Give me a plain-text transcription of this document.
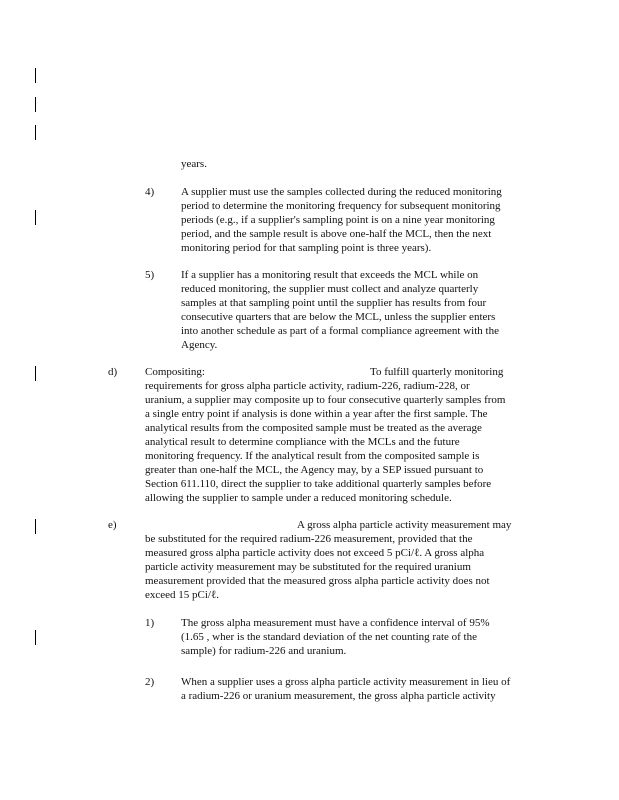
years.
4) A supplier must use the samples collected during the reduced monitoring
period to determine the monitoring frequency for subsequent monitoring
periods (e.g., if a supplier's sampling point is on a nine year monitoring
period, and the sample result is above one-half the MCL, then the next
monitoring period for that sampling point is three years).
5) If a supplier has a monitoring result that exceeds the MCL while on
reduced monitoring, the supplier must collect and analyze quarterly
samples at that sampling point until the supplier has results from four
consecutive quarters that are below the MCL, unless the supplier enters
into another schedule as part of a formal compliance agreement with the
Agency.
d)	Compositing:	To fulfill quarterly monitoring
requirements for gross alpha particle activity, radium-226, radium-228, or
uranium, a supplier may composite up to four consecutive quarterly samples from
a single entry point if analysis is done within a year after the first sample. The
analytical results from the composited sample must be treated as the average
analytical result to determine compliance with the MCLs and the future
monitoring frequency. If the analytical result from the composited sample is
greater than one-half the MCL, the Agency may, by a SEP issued pursuant to
Section 611.110, direct the supplier to take additional quarterly samples before
allowing the supplier to sample under a reduced monitoring schedule.
e)	A gross alpha particle activity measurement may
be substituted for the required radium-226 measurement, provided that the
measured gross alpha particle activity does not exceed 5 pCi/ℓ. A gross alpha
particle activity measurement may be substituted for the required uranium
measurement provided that the measured gross alpha particle activity does not
exceed 15 pCi/ℓ.
1) The gross alpha measurement must have a confidence interval of 95%
(1.65 , wher is the standard deviation of the net counting rate of the
sample) for radium-226 and uranium.
2) When a supplier uses a gross alpha particle activity measurement in lieu of
a radium-226 or uranium measurement, the gross alpha particle activity
